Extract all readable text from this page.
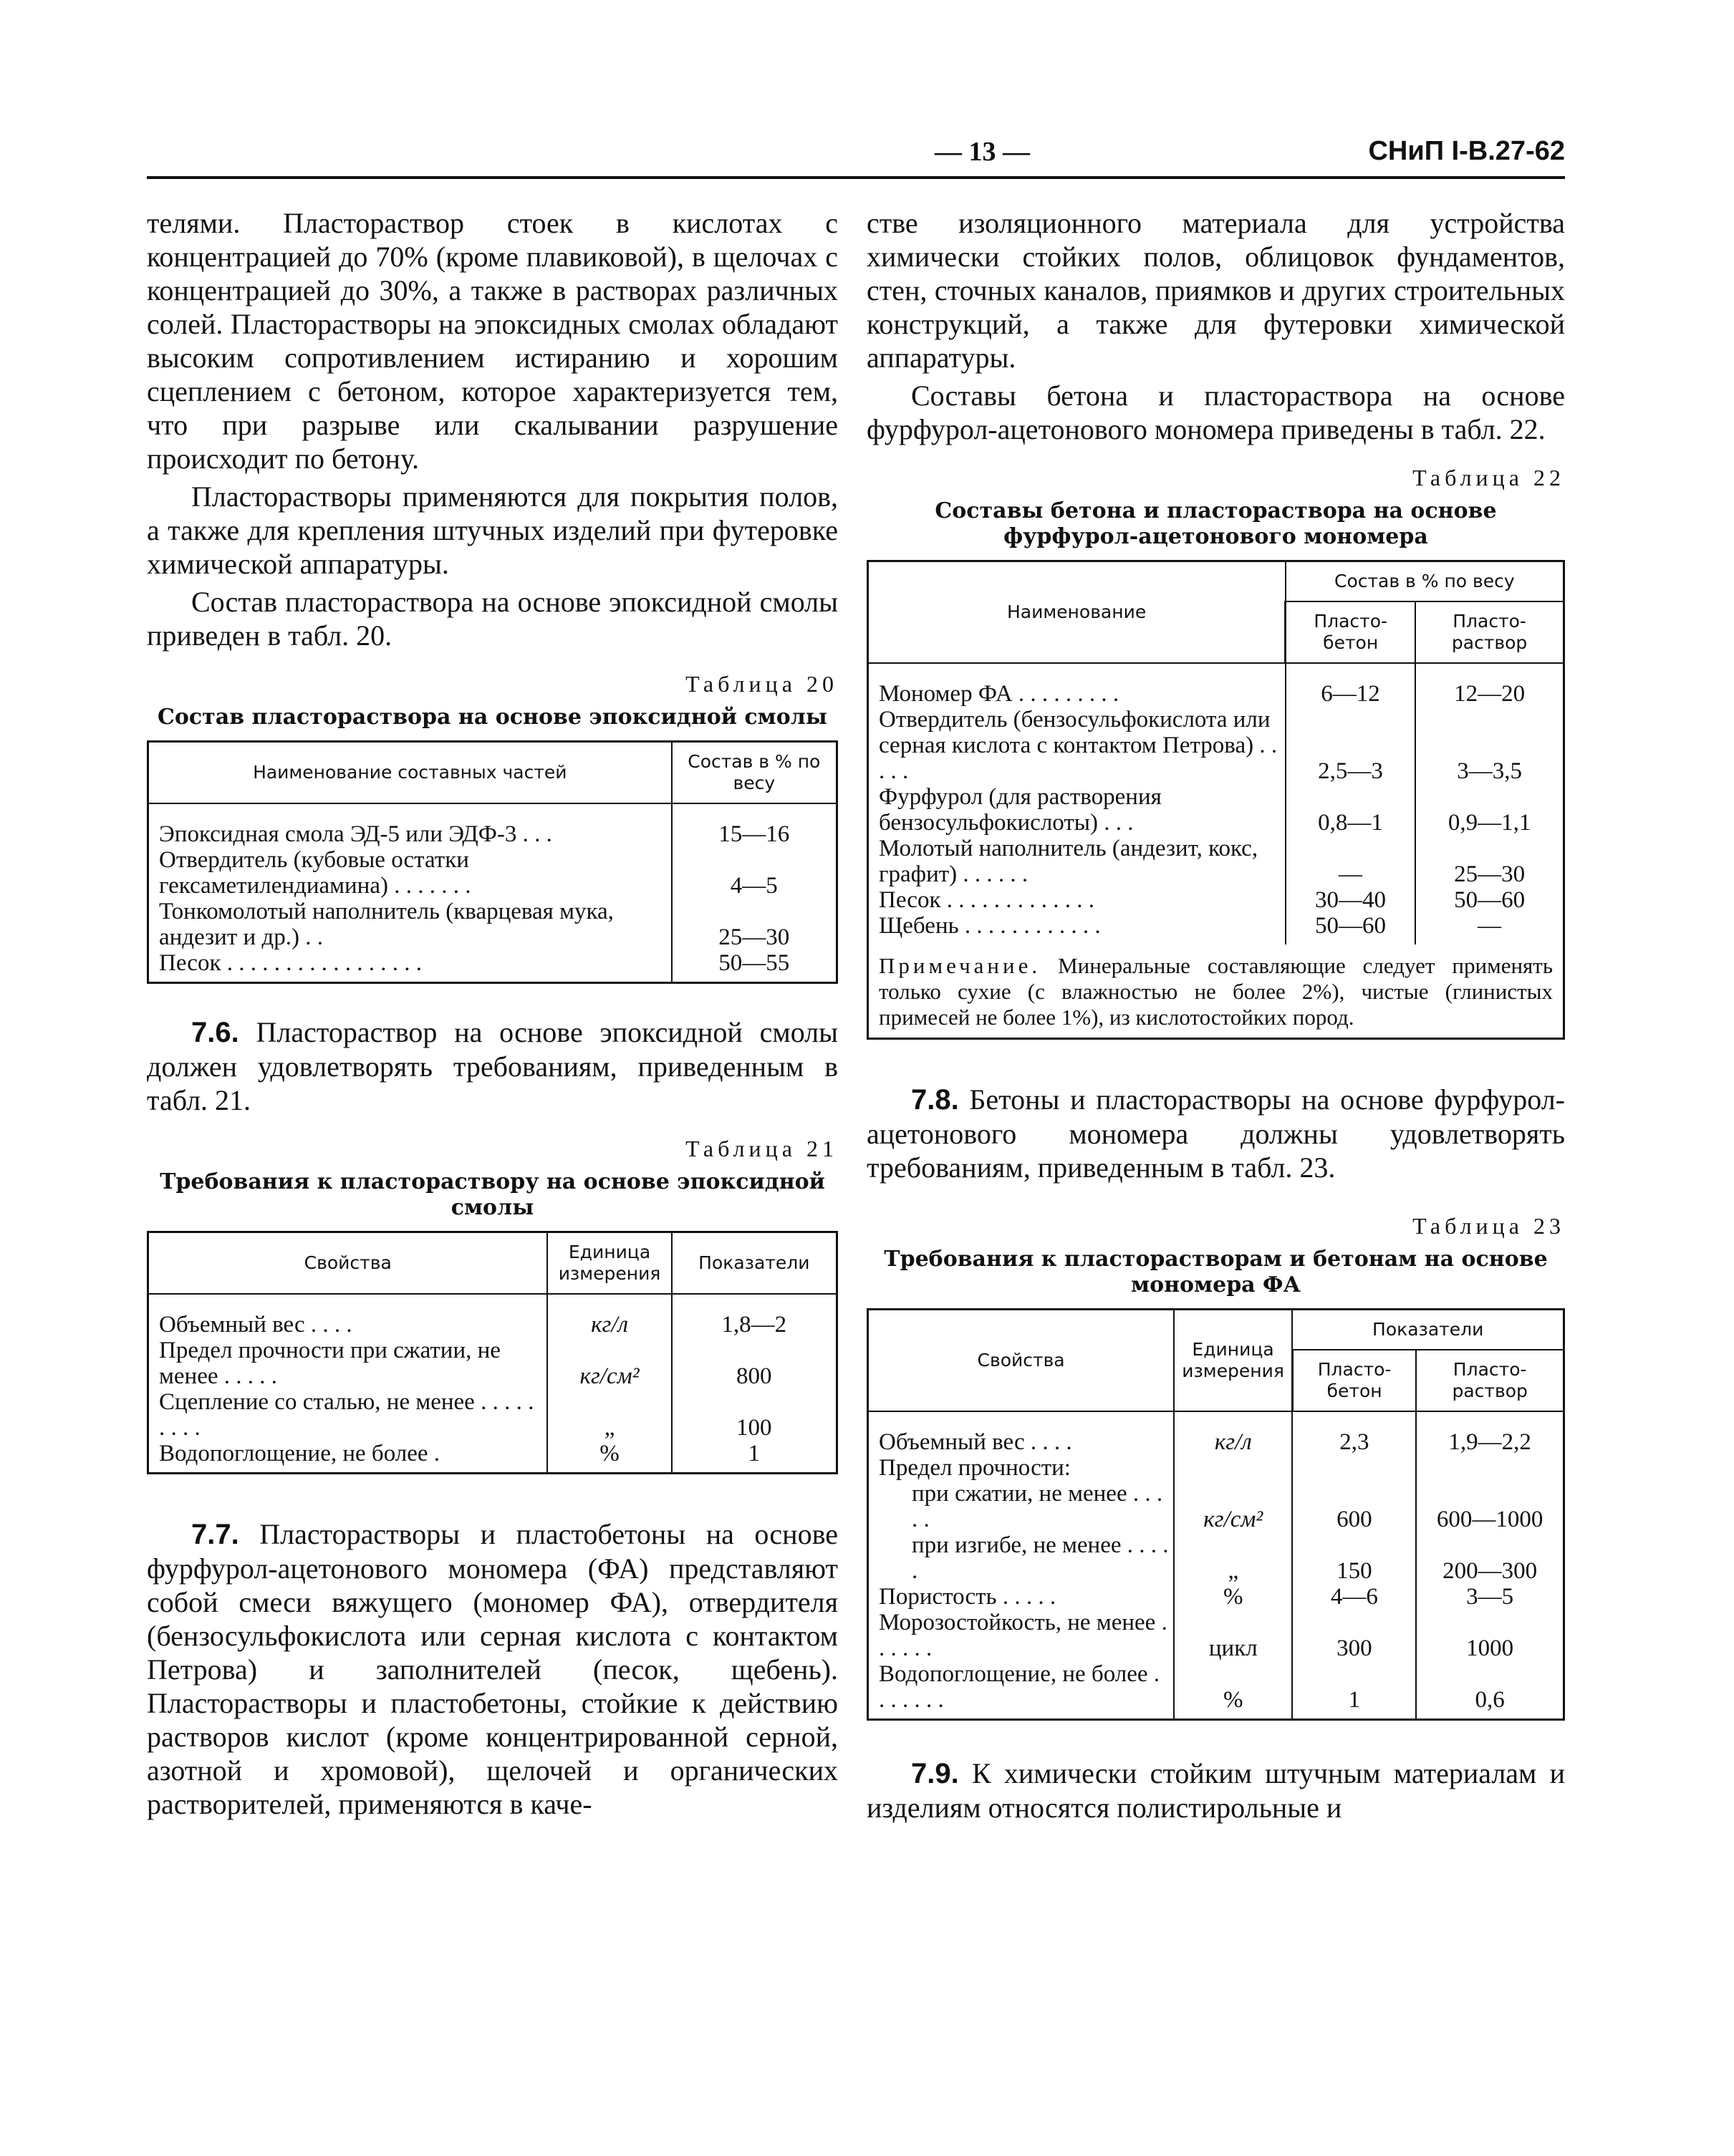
— 13 —	СНиП I-В.27-62

телями. Пласторaствор стоек в кислотах с концентрацией до 70% (кроме плавиковой), в щелочах с концентрацией до 30%, а также в растворах различных солей. Пласторастворы на эпоксидных смолах обладают высоким сопротивлением истиранию и хорошим сцеплением с бетоном, которое характеризуется тем, что при разрыве или скалывании разрушение происходит по бетону.

Пласторастворы применяются для покрытия полов, а также для крепления штучных изделий при футеровке химической аппаратуры.

Состав пласторaствора на основе эпоксидной смолы приведен в табл. 20.

Таблица 20
Состав пласторaствора на основе эпоксидной смолы
Наименование составных частей	Состав в % по весу
Эпоксидная смола ЭД-5 или ЭДФ-3 . . .	15—16
Отвердитель (кубовые остатки гексаметилендиамина) . . . . . . .	4—5
Тонкомолотый наполнитель (кварцевая мука, андезит и др.) . .	25—30
Песок . . . . . . . . . . . . . . . . .	50—55

7.6. Пласторaствор на основе эпоксидной смолы должен удовлетворять требованиям, приведенным в табл. 21.

Таблица 21
Требования к пласторaствору на основе эпоксидной смолы
Свойства	Единица измерения	Показатели
Объемный вес . . . .	кг/л	1,8—2
Предел прочности при сжатии, не менее . . . . .	кг/см²	800
Сцепление со сталью, не менее . . . . . . . . .	„	100
Водопоглощение, не более .	%	1

7.7. Пласторастворы и пластобетоны на основе фурфурол-ацетонового мономера (ФА) представляют собой смеси вяжущего (мономер ФА), отвердителя (бензосульфокислота или серная кислота с контактом Петрова) и заполнителей (песок, щебень). Пласторастворы и пластобетоны, стойкие к действию растворов кислот (кроме концентрированной серной, азотной и хромовой), щелочей и органических растворителей, применяются в каче-

стве изоляционного материала для устройства химически стойких полов, облицовок фундаментов, стен, сточных каналов, приямков и других строительных конструкций, а также для футеровки химической аппаратуры.

Составы бетона и пласторaствора на основе фурфурол-ацетонового мономера приведены в табл. 22.

Таблица 22
Составы бетона и пласторaствора на основе фурфурол-ацетонового мономера
Наименование	Состав в % по весу	
	Пласто-бетон	Пласто-раствор
Мономер ФА . . . . . . . . .	6—12	12—20
Отвердитель (бензосульфокислота или серная кислота с контактом Петрова) . . . . .	2,5—3	3—3,5
Фурфурол (для растворения бензосульфокислоты) . . .	0,8—1	0,9—1,1
Молотый наполнитель (андезит, кокс, графит) . . . . . .	—	25—30
Песок . . . . . . . . . . . . .	30—40	50—60
Щебень . . . . . . . . . . . .	50—60	—
Примечание. Минеральные составляющие следует применять только сухие (с влажностью не более 2%), чистые (глинистых примесей не более 1%), из кислотостойких пород.

7.8. Бетоны и пласторастворы на основе фурфурол-ацетонового мономера должны удовлетворять требованиям, приведенным в табл. 23.

Таблица 23
Требования к пласторастворам и бетонам на основе мономера ФА
Свойства	Единица измерения	Показатели	
		Пласто-бетон	Пласто-раствор
Объемный вес . . . .	кг/л	2,3	1,9—2,2
Предел прочности:			
при сжатии, не менее . . . . .	кг/см²	600	600—1000
при изгибе, не менее . . . . .	„	150	200—300
Пористость . . . . .	%	4—6	3—5
Морозостойкость, не менее . . . . . .	цикл	300	1000
Водопоглощение, не более . . . . . . .	%	1	0,6

7.9. К химически стойким штучным материалам и изделиям относятся полистирольные и
